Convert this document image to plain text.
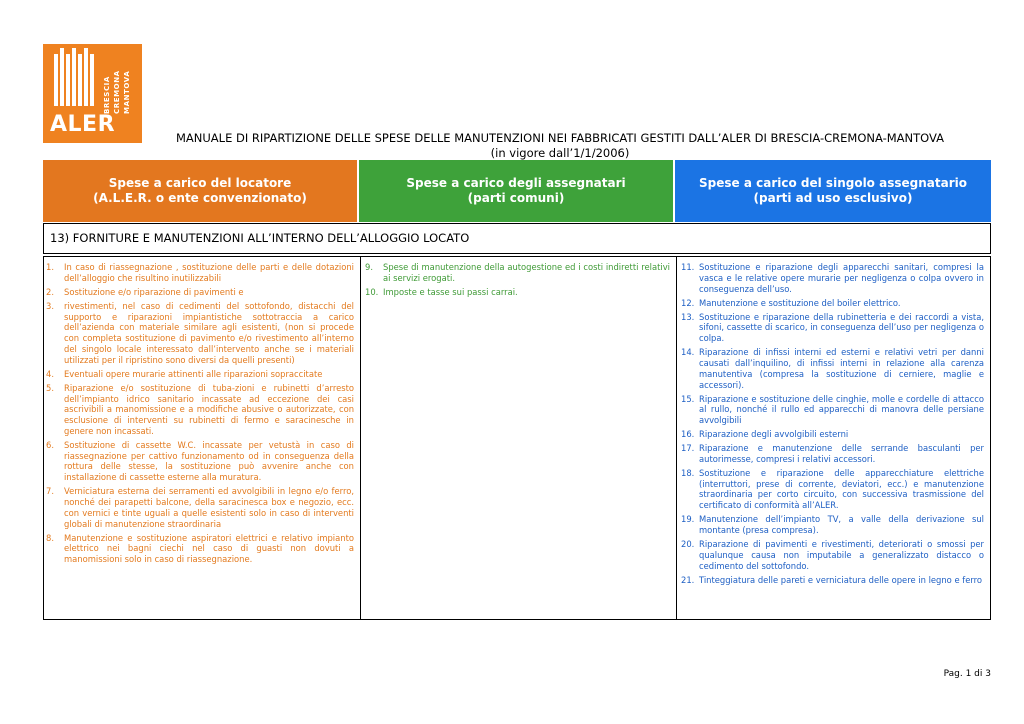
ALER
BRESCIA CREMONA MANTOVA
MANUALE DI RIPARTIZIONE DELLE SPESE DELLE MANUTENZIONI NEI FABBRICATI GESTITI DALL’ALER DI BRESCIA-CREMONA-MANTOVA
(in vigore dall’1/1/2006)
Spese a carico del locatore
(A.L.E.R. o ente convenzionato)
Spese a carico degli assegnatari
(parti comuni)
Spese a carico del singolo assegnatario
(parti ad uso esclusivo)
13) FORNITURE E MANUTENZIONI ALL’INTERNO DELL’ALLOGGIO LOCATO
1. In caso di riassegnazione , sostituzione delle parti e delle dotazioni dell’alloggio che risultino inutilizzabili
2. Sostituzione e/o riparazione di pavimenti e
3. rivestimenti, nel caso di cedimenti del sottofondo, distacchi del supporto e riparazioni impiantistiche sottotraccia a carico dell’azienda con materiale similare agli esistenti, (non si procede con completa sostituzione di pavimento e/o rivestimento all’interno del singolo locale interessato dall’intervento anche se i materiali utilizzati per il ripristino sono diversi da quelli presenti)
4. Eventuali opere murarie attinenti alle riparazioni sopraccitate
5. Riparazione e/o sostituzione di tuba-zioni e rubinetti d’arresto dell’impianto idrico sanitario incassate ad eccezione dei casi ascrivibili a manomissione e a modifiche abusive o autorizzate, con esclusione di interventi su rubinetti di fermo e saracinesche in genere non incassati.
6. Sostituzione di cassette W.C. incassate per vetustà in caso di riassegnazione per cattivo funzionamento od in conseguenza della rottura delle stesse, la sostituzione può avvenire anche con installazione di cassette esterne alla muratura.
7. Verniciatura esterna dei serramenti ed avvolgibili in legno e/o ferro, nonché dei parapetti balcone, della saracinesca box e negozio, ecc. con vernici e tinte uguali a quelle esistenti solo in caso di interventi globali di manutenzione straordinaria
8. Manutenzione e sostituzione aspiratori elettrici e relativo impianto elettrico nei bagni ciechi nel caso di guasti non dovuti a manomissioni solo in caso di riassegnazione.
9. Spese di manutenzione della autogestione ed i costi indiretti relativi ai servizi erogati.
10. Imposte e tasse sui passi carrai.
11. Sostituzione e riparazione degli apparecchi sanitari, compresi la vasca e le relative opere murarie per negligenza o colpa ovvero in conseguenza dell’uso.
12. Manutenzione e sostituzione del boiler elettrico.
13. Sostituzione e riparazione della rubinetteria e dei raccordi a vista, sifoni, cassette di scarico, in conseguenza dell’uso per negligenza o colpa.
14. Riparazione di infissi interni ed esterni e relativi vetri per danni causati dall’inquilino, di infissi interni in relazione alla carenza manutentiva (compresa la sostituzione di cerniere, maglie e accessori).
15. Riparazione e sostituzione delle cinghie, molle e cordelle di attacco al rullo, nonché il rullo ed apparecchi di manovra delle persiane avvolgibili
16. Riparazione degli avvolgibili esterni
17. Riparazione e manutenzione delle serrande basculanti per autorimesse, compresi i relativi accessori.
18. Sostituzione e riparazione delle apparecchiature elettriche (interruttori, prese di corrente, deviatori, ecc.) e manutenzione straordinaria per corto circuito, con successiva trasmissione del certificato di conformità all’ALER.
19. Manutenzione dell’impianto TV, a valle della derivazione sul montante (presa compresa).
20. Riparazione di pavimenti e rivestimenti, deteriorati o smossi per qualunque causa non imputabile a generalizzato distacco o cedimento del sottofondo.
21. Tinteggiatura delle pareti e verniciatura delle opere in legno e ferro
Pag. 1 di 3
